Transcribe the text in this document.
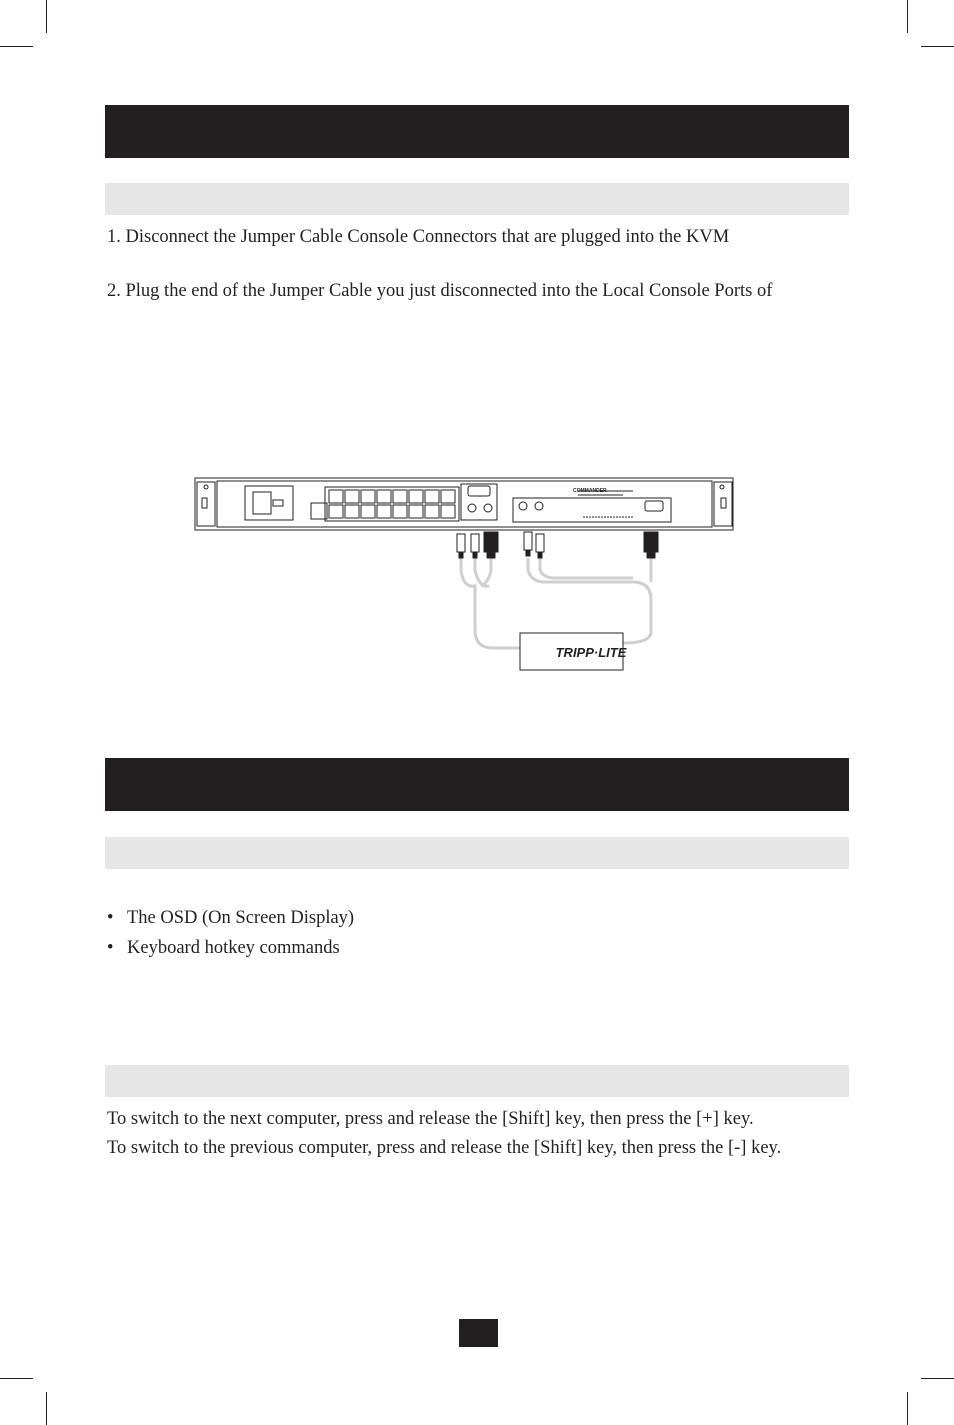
1. Disconnect the Jumper Cable Console Connectors that are plugged into the KVM
2. Plug the end of the Jumper Cable you just disconnected into the Local Console Ports of
TRIPP·LITE
COMMANDER
• The OSD (On Screen Display)
• Keyboard hotkey commands
To switch to the next computer, press and release the [Shift] key, then press the [+] key.
To switch to the previous computer, press and release the [Shift] key, then press the [-] key.
